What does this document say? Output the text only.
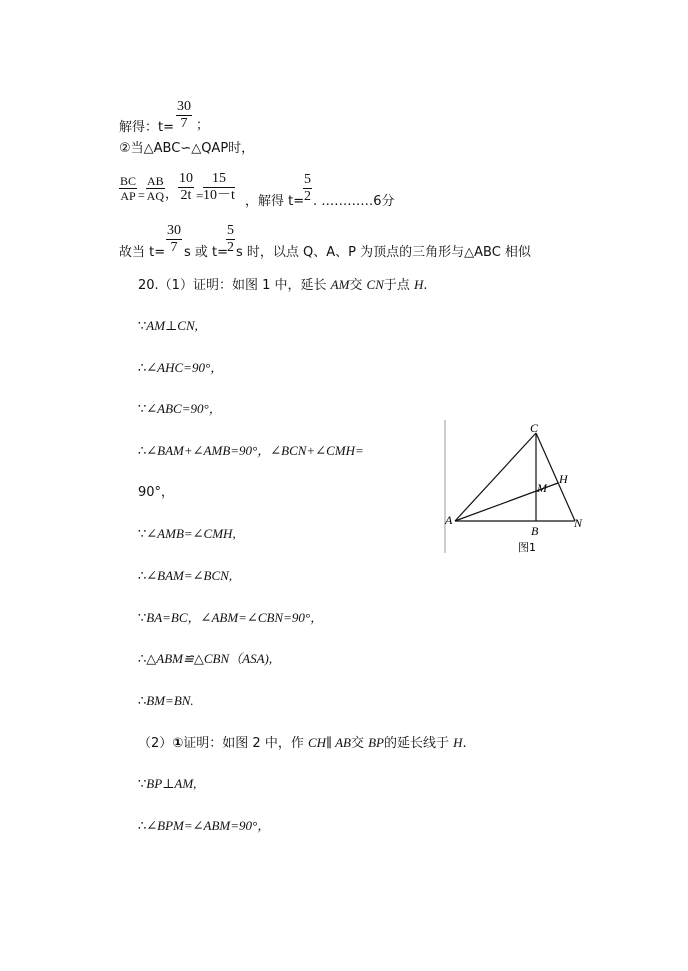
$\frac{30}{7}$
解得：t= ；
②当△ABC∽△QAP时，
$\frac{BC}{AP} = \frac{AB}{AQ}$ ， $\frac{10}{2t} = \frac{15}{10-t}$ ，解得 t=
$\frac{5}{2}$ . …………6分
故当 $t= \frac{30}{7}$ s 或 t=
$\frac{5}{2}$ s 时，以点 Q、A、P 为顶点的三角形与△ABC 相似
20.（1）证明：如图 1 中，延长 AM交 CN于点 H.
∵AM⊥CN,
∴∠AHC=90°，
∵∠ABC=90°，
∴∠BAM+∠AMB=90°，∠BCN+∠CMH=
90°，
∵∠AMB=∠CMH,
∴∠BAM=∠BCN,
∵BA=BC，∠ABM=∠CBN=90°，
∴△ABM≌△CBN（ASA),
∴BM=BN.
（2）①证明：如图 2 中，作 CH∥ AB交 BP的延长线于 H.
∵BP⊥AM,
∴∠BPM=∠ABM=90°，
C
H
M
A
B
N
图1
